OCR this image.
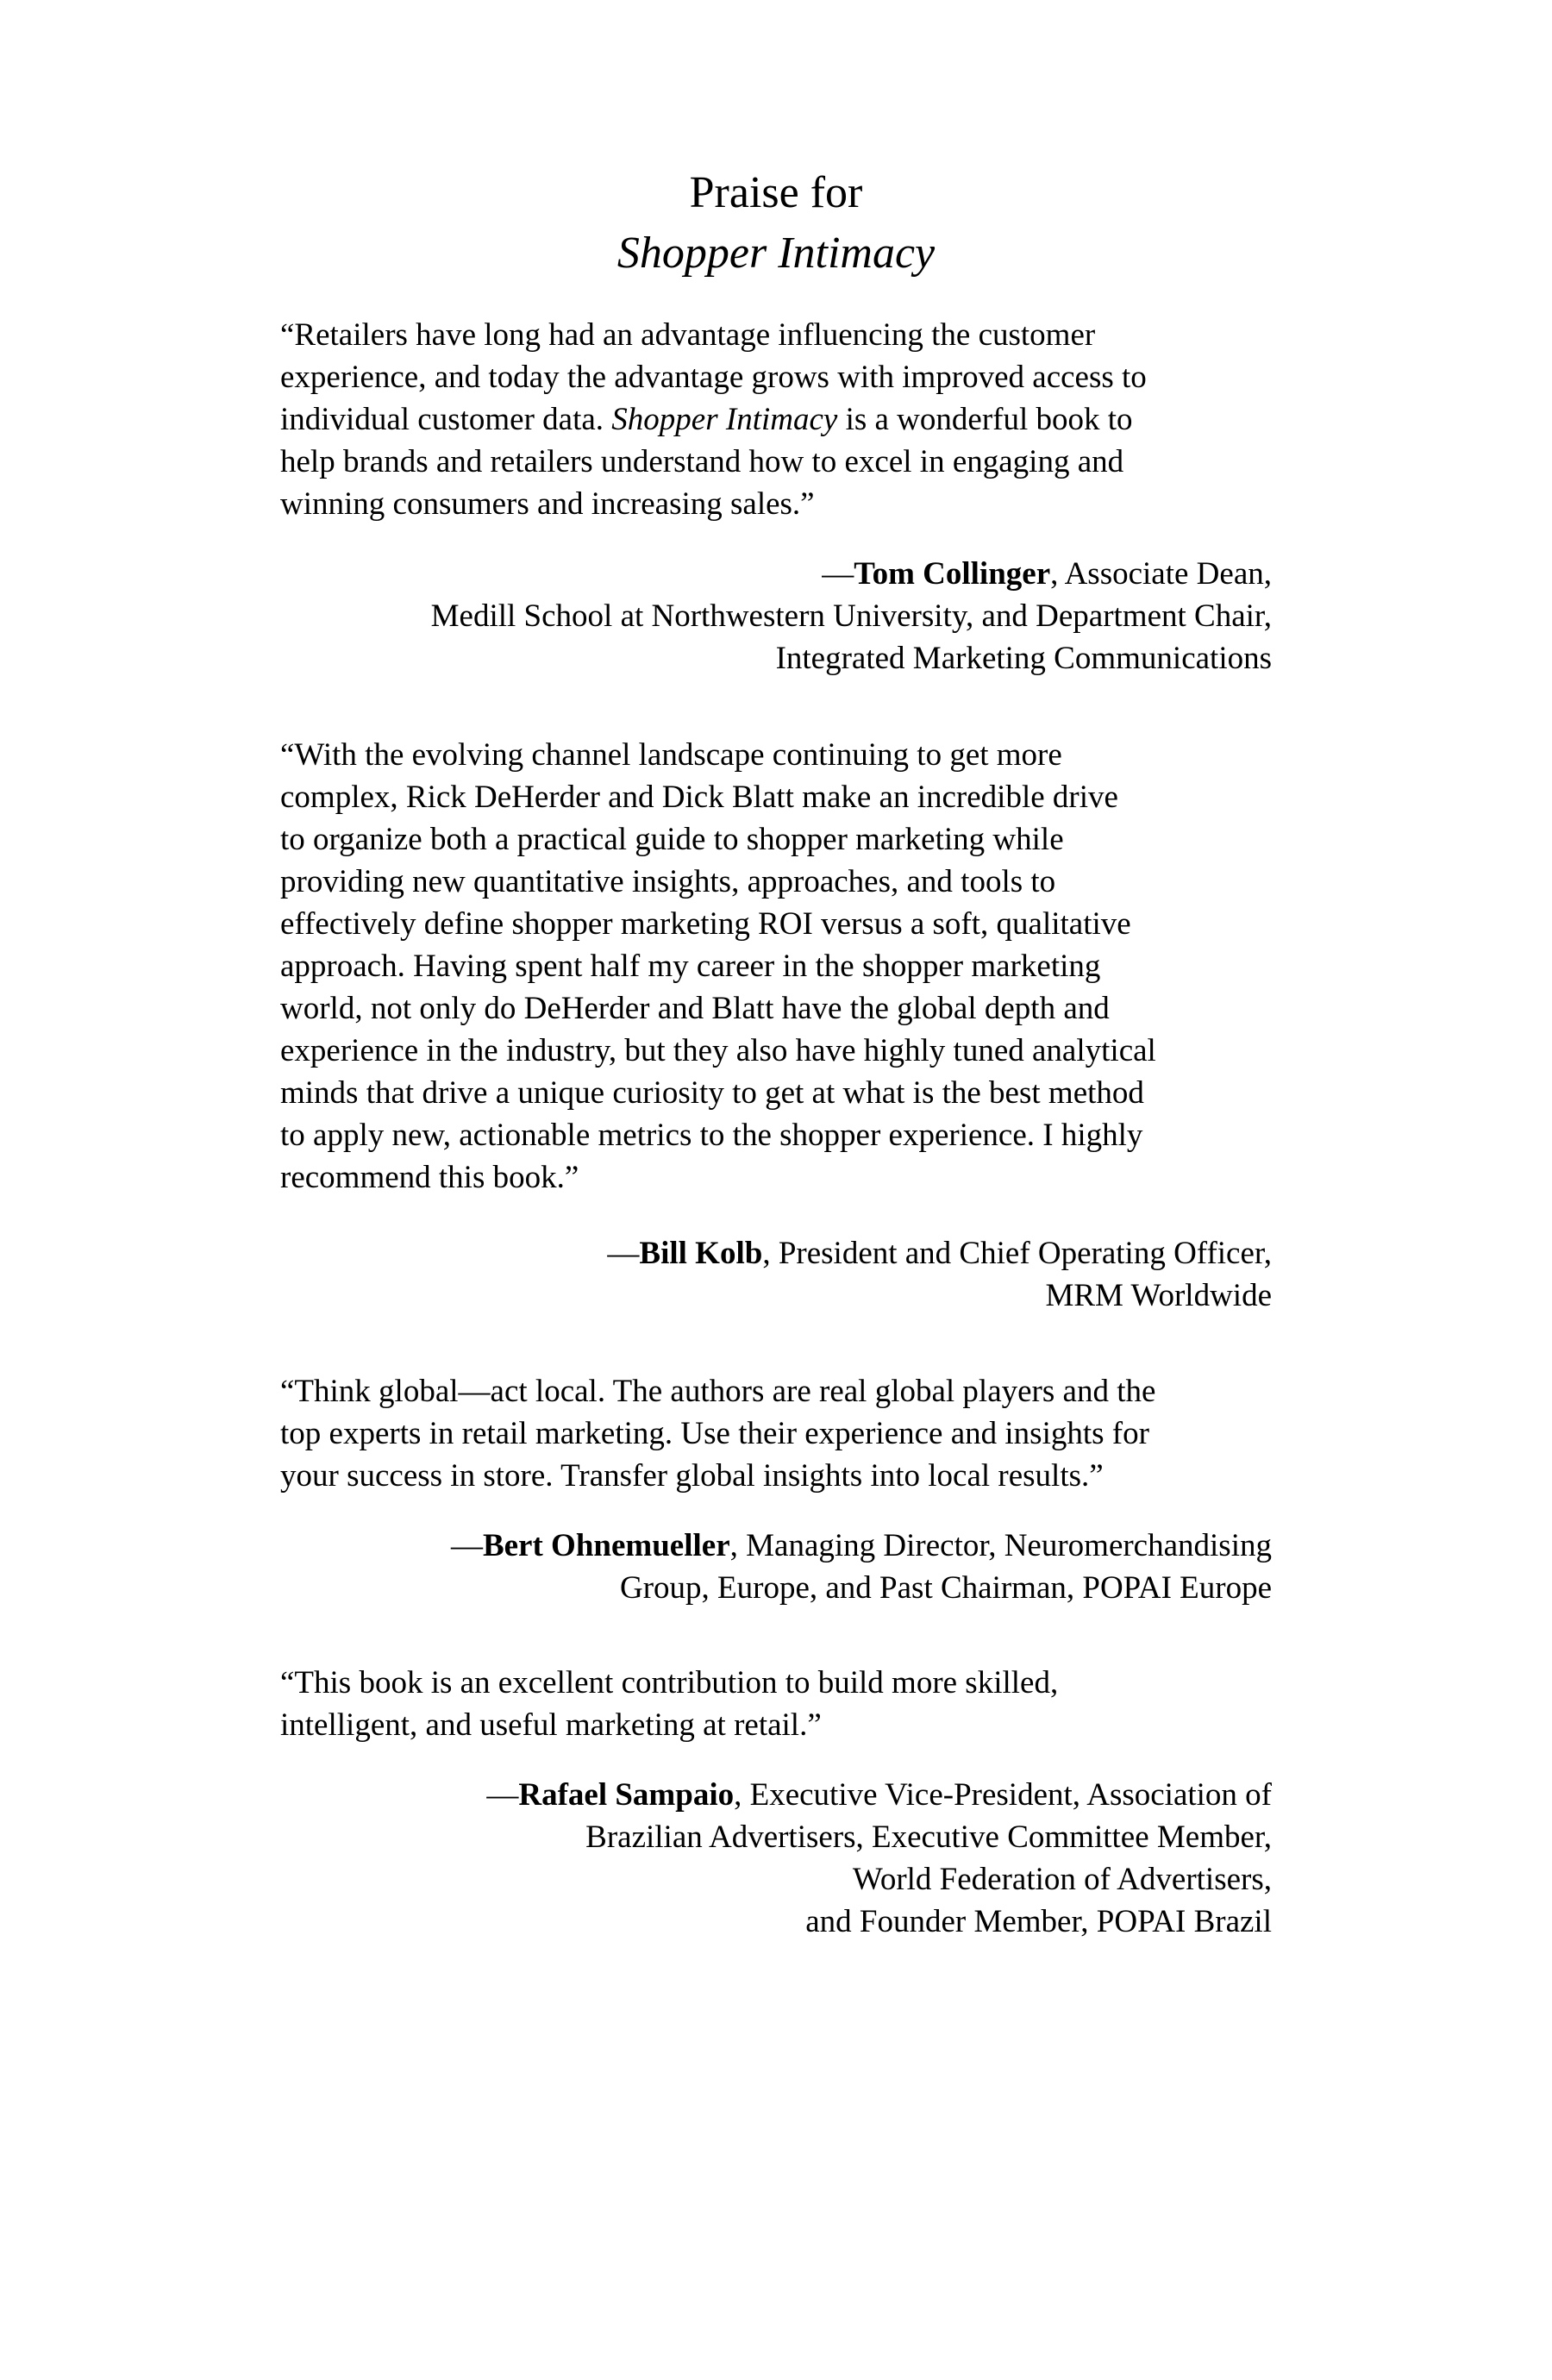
Praise for
Shopper Intimacy
“Retailers have long had an advantage influencing the customer
experience, and today the advantage grows with improved access to
individual customer data. Shopper Intimacy is a wonderful book to
help brands and retailers understand how to excel in engaging and
winning consumers and increasing sales.”
—Tom Collinger, Associate Dean,
Medill School at Northwestern University, and Department Chair,
Integrated Marketing Communications
“With the evolving channel landscape continuing to get more
complex, Rick DeHerder and Dick Blatt make an incredible drive
to organize both a practical guide to shopper marketing while
providing new quantitative insights, approaches, and tools to
effectively define shopper marketing ROI versus a soft, qualitative
approach. Having spent half my career in the shopper marketing
world, not only do DeHerder and Blatt have the global depth and
experience in the industry, but they also have highly tuned analytical
minds that drive a unique curiosity to get at what is the best method
to apply new, actionable metrics to the shopper experience. I highly
recommend this book.”
—Bill Kolb, President and Chief Operating Officer,
MRM Worldwide
“Think global—act local. The authors are real global players and the
top experts in retail marketing. Use their experience and insights for
your success in store. Transfer global insights into local results.”
—Bert Ohnemueller, Managing Director, Neuromerchandising
Group, Europe, and Past Chairman, POPAI Europe
“This book is an excellent contribution to build more skilled,
intelligent, and useful marketing at retail.”
—Rafael Sampaio, Executive Vice-President, Association of
Brazilian Advertisers, Executive Committee Member,
World Federation of Advertisers,
and Founder Member, POPAI Brazil
